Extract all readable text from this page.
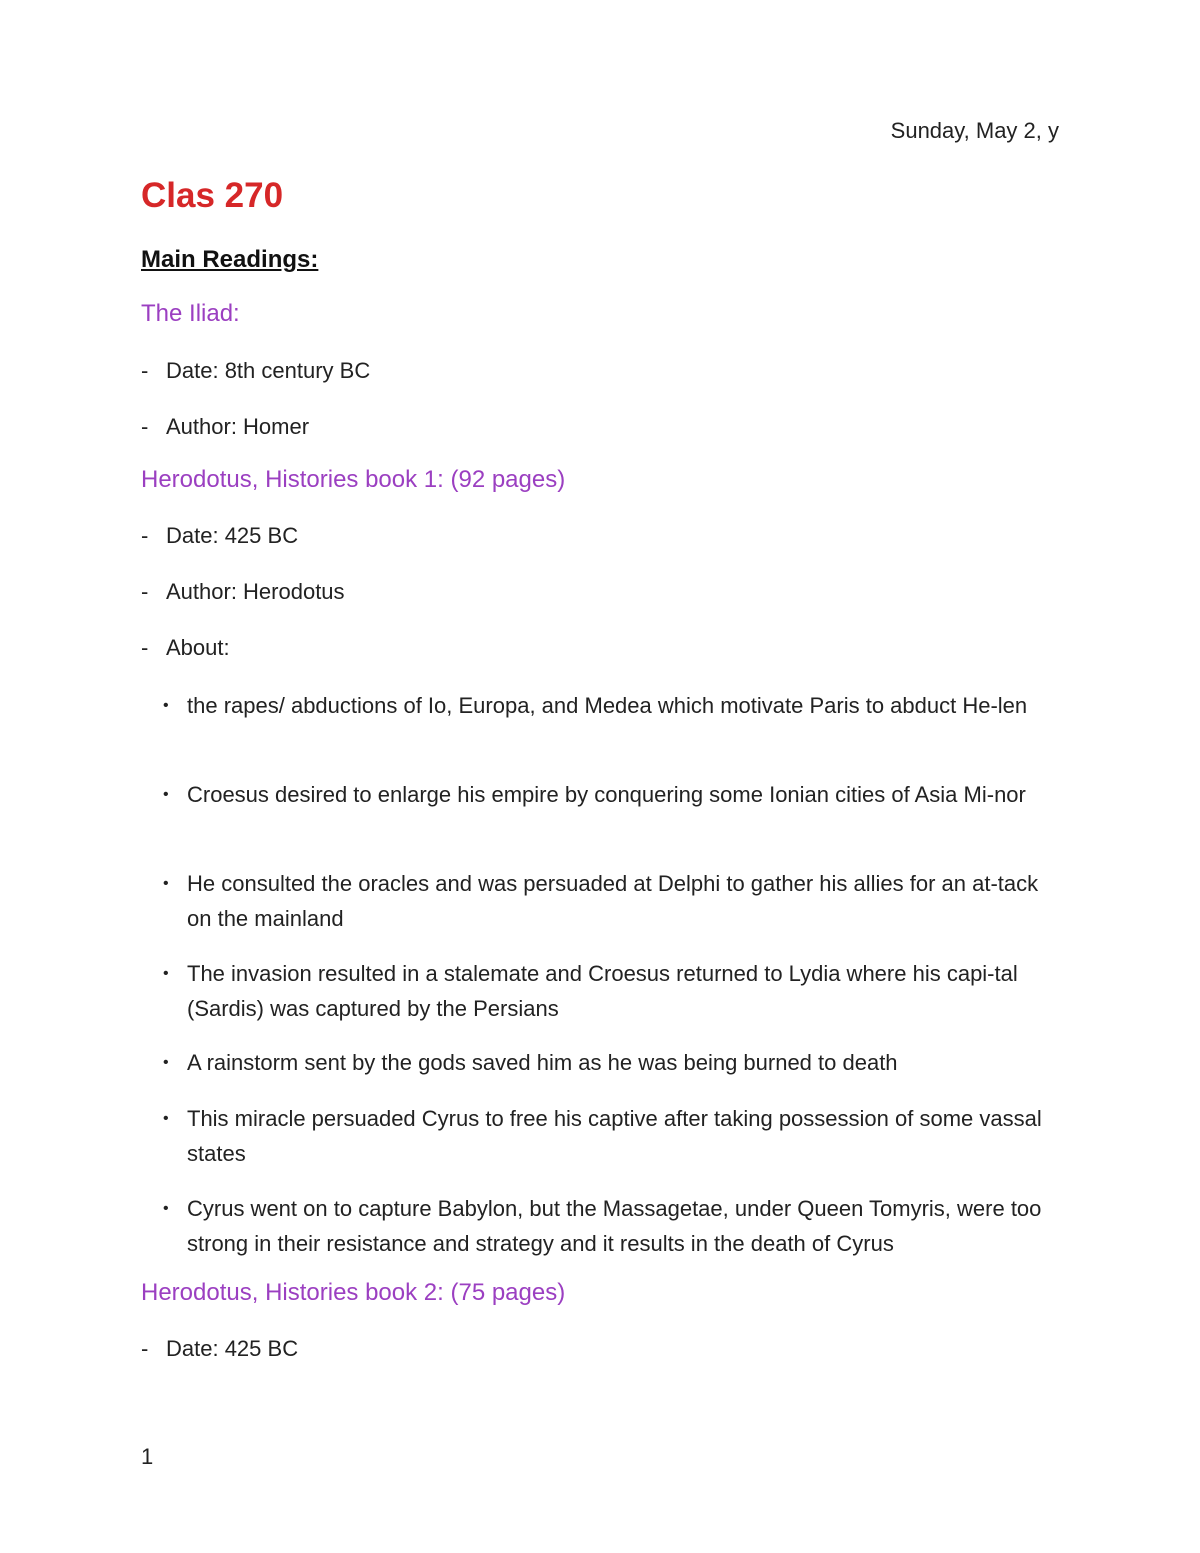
Sunday, May 2, y
Clas 270
Main Readings:
The Iliad:
- Date: 8th century BC
- Author: Homer
Herodotus, Histories book 1: (92 pages)
- Date: 425 BC
- Author: Herodotus
- About:
• the rapes/ abductions of Io, Europa, and Medea which motivate Paris to abduct He-len
• Croesus desired to enlarge his empire by conquering some Ionian cities of Asia Mi-nor
• He consulted the oracles and was persuaded at Delphi to gather his allies for an at-tack on the mainland
• The invasion resulted in a stalemate and Croesus returned to Lydia where his capi-tal (Sardis) was captured by the Persians
• A rainstorm sent by the gods saved him as he was being burned to death
• This miracle persuaded Cyrus to free his captive after taking possession of some vassal states
• Cyrus went on to capture Babylon, but the Massagetae, under Queen Tomyris, were too strong in their resistance and strategy and it results in the death of Cyrus
Herodotus, Histories book 2: (75 pages)
- Date: 425 BC
1
